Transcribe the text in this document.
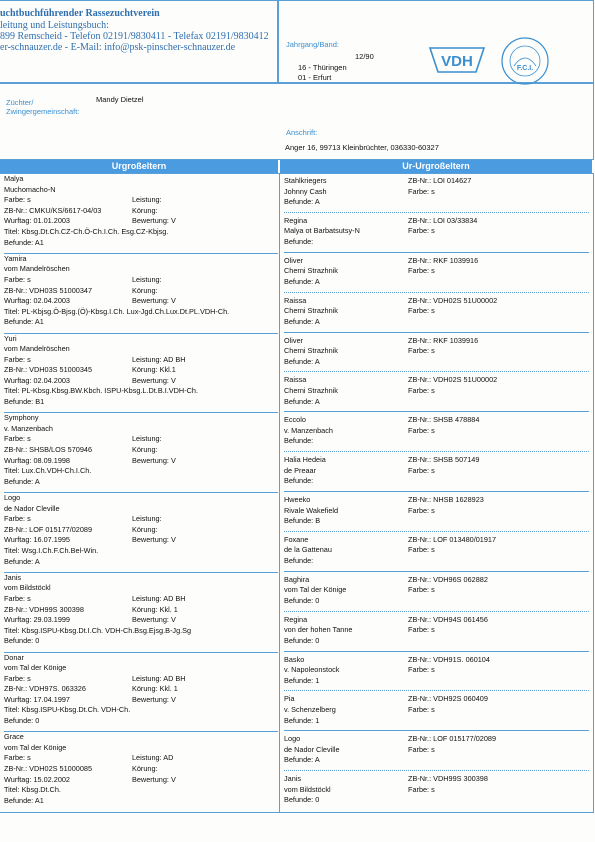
uchtbuchführender Rassezuchtverein
leitung und Leistungsbuch:
899 Remscheid - Telefon 02191/9830411 - Telefax 02191/9830412
er-schnauzer.de - E-Mail: info@psk-pinscher-schnauzer.de	Jahrgang/Band:
12/90
16 - Thüringen
01 - Erfurt
VDH	F.C.I.
Züchter/
Zwingergemeinschaft:
Mandy Dietzel
Anschrift:
Anger 16, 99713 Kleinbrüchter, 036330-60327
Urgroßeltern	Ur-Urgroßeltern
Malya
Muchomacho-N
Farbe: s	Leistung:
ZB-Nr.: CMKU/KS/6617-04/03	Körung:
Wurftag: 01.01.2003	Bewertung: V
Titel: Kbsg.Dt.Ch.CZ-Ch.Ö-Ch.I.Ch. Esg.CZ-Kbjsg.
Befunde: A1
Yamira
vom Mandelröschen
Farbe: s	Leistung:
ZB-Nr.: VDH03S 51000347	Körung:
Wurftag: 02.04.2003	Bewertung: V
Titel: PL-Kbjsg.Ö-Bjsg.(Ö)-Kbsg.I.Ch. Lux-Jgd.Ch.Lux.Dt.PL.VDH-Ch.
Befunde: A1
Yuri
vom Mandelröschen
Farbe: s	Leistung: AD BH
ZB-Nr.: VDH03S 51000345	Körung: Kkl.1
Wurftag: 02.04.2003	Bewertung: V
Titel: PL-Kbsg.Kbsg.BW.Kbch. ISPU-Kbsg.L.Dt.B.I.VDH-Ch.
Befunde: B1
Symphony
v. Manzenbach
Farbe: s	Leistung:
ZB-Nr.: SHSB/LOS 570946	Körung:
Wurftag: 08.09.1998	Bewertung: V
Titel: Lux.Ch.VDH-Ch.I.Ch.
Befunde: A
Logo
de Nador Cleville
Farbe: s	Leistung:
ZB-Nr.: LOF 015177/02089	Körung:
Wurftag: 16.07.1995	Bewertung: V
Titel: Wsg.I.Ch.F.Ch.Bel-Win.
Befunde: A
Janis
vom Bildstöckl
Farbe: s	Leistung: AD BH
ZB-Nr.: VDH99S 300398	Körung: Kkl. 1
Wurftag: 29.03.1999	Bewertung: V
Titel: Kbsg.ISPU-Kbsg.Dt.I.Ch. VDH-Ch.Bsg.Ejsg.B-Jg.Sg
Befunde: 0
Donar
vom Tal der Könige
Farbe: s	Leistung: AD BH
ZB-Nr.: VDH97S. 063326	Körung: Kkl. 1
Wurftag: 17.04.1997	Bewertung: V
Titel: Kbsg.ISPU-Kbsg.Dt.Ch. VDH-Ch.
Befunde: 0
Grace
vom Tal der Könige
Farbe: s	Leistung: AD
ZB-Nr.: VDH02S 51000085	Körung:
Wurftag: 15.02.2002	Bewertung: V
Titel: Kbsg.Dt.Ch.
Befunde: A1
Stahlkriegers	ZB-Nr.: LOI 014627
Johnny Cash	Farbe: s
Befunde: A
Regina	ZB-Nr.: LOI 03/33834
Malya ot Barbatsutsy-N	Farbe: s
Befunde:
Oliver	ZB-Nr.: RKF 1039916
Cherni Strazhnik	Farbe: s
Befunde: A
Raissa	ZB-Nr.: VDH02S 51U00002
Cherni Strazhnik	Farbe: s
Befunde: A
Oliver	ZB-Nr.: RKF 1039916
Cherni Strazhnik	Farbe: s
Befunde: A
Raissa	ZB-Nr.: VDH02S 51U00002
Cherni Strazhnik	Farbe: s
Befunde: A
Eccolo	ZB-Nr.: SHSB 478884
v. Manzenbach	Farbe: s
Befunde:
Halia Hedeia	ZB-Nr.: SHSB 507149
de Preaar	Farbe: s
Befunde:
Hweeko	ZB-Nr.: NHSB 1628923
Rivale Wakefield	Farbe: s
Befunde: B
Foxane	ZB-Nr.: LOF 013480/01917
de la Gattenau	Farbe: s
Befunde:
Baghira	ZB-Nr.: VDH96S 062882
vom Tal der Könige	Farbe: s
Befunde: 0
Regina	ZB-Nr.: VDH94S 061456
von der hohen Tanne	Farbe: s
Befunde: 0
Basko	ZB-Nr.: VDH91S. 060104
v. Napoleonstock	Farbe: s
Befunde: 1
Pia	ZB-Nr.: VDH92S 060409
v. Schenzelberg	Farbe: s
Befunde: 1
Logo	ZB-Nr.: LOF 015177/02089
de Nador Cleville	Farbe: s
Befunde: A
Janis	ZB-Nr.: VDH99S 300398
vom Bildstöckl	Farbe: s
Befunde: 0
